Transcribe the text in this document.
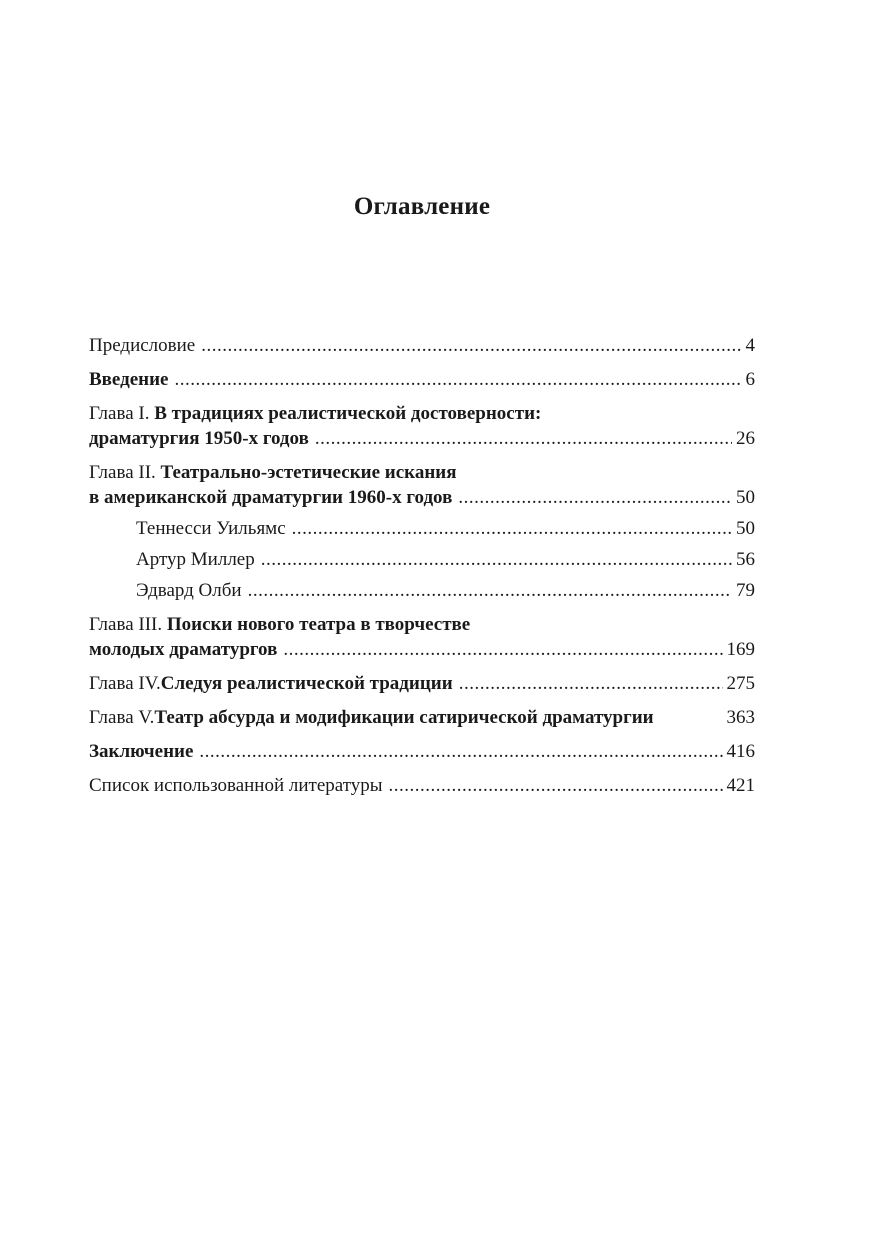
Оглавление
Предисловие .....	4
Введение .....	6
Глава I. В традициях реалистической достоверности:
драматургия 1950-х годов .....	26
Глава II. Театрально-эстетические искания
в американской драматургии 1960-х годов .....	50
Теннесси Уильямс .....	50
Артур Миллер .....	56
Эдвард Олби .....	79
Глава III. Поиски нового театра в творчестве
молодых драматургов .....	169
Глава IV. Следуя реалистической традиции .....	275
Глава V. Театр абсурда и модификации сатирической драматургии	363
Заключение .....	416
Список использованной литературы .....	421
